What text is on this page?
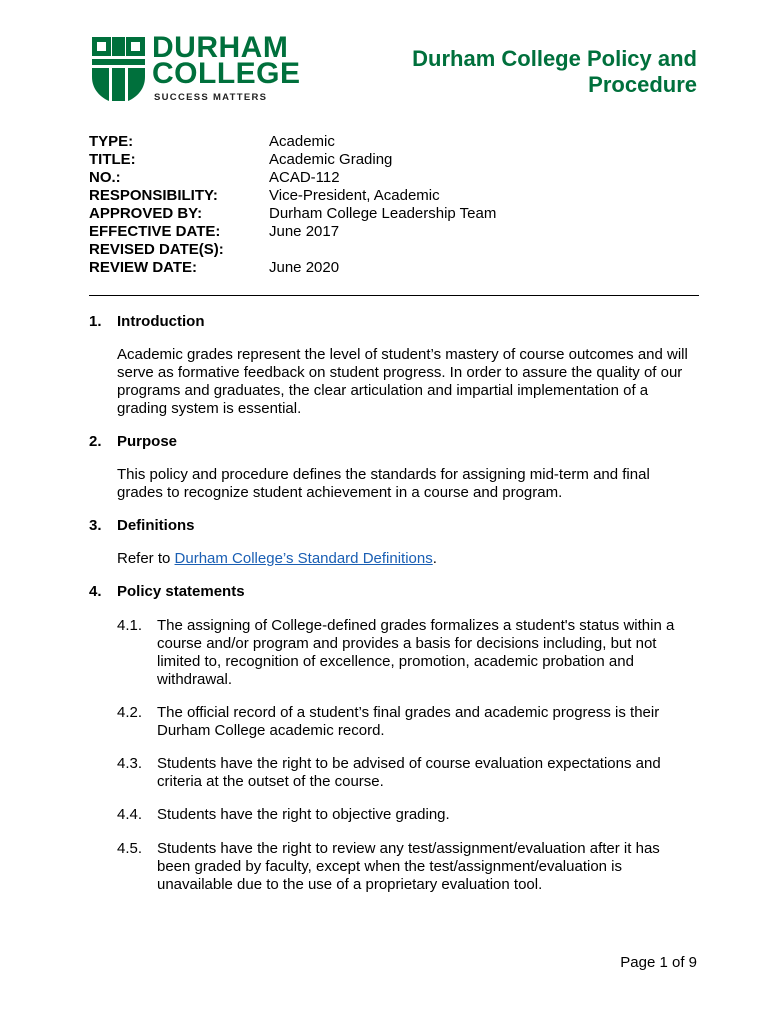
DURHAM
COLLEGE
SUCCESS MATTERS
Durham College Policy and
Procedure
TYPE:	Academic
TITLE:	Academic Grading
NO.:	ACAD-112
RESPONSIBILITY:	Vice-President, Academic
APPROVED BY:	Durham College Leadership Team
EFFECTIVE DATE:	June 2017
REVISED DATE(S):
REVIEW DATE:	June 2020
1. Introduction
Academic grades represent the level of student’s mastery of course outcomes and will
serve as formative feedback on student progress. In order to assure the quality of our
programs and graduates, the clear articulation and impartial implementation of a
grading system is essential.
2. Purpose
This policy and procedure defines the standards for assigning mid-term and final
grades to recognize student achievement in a course and program.
3. Definitions
Refer to Durham College’s Standard Definitions.
4. Policy statements
4.1. The assigning of College-defined grades formalizes a student's status within a
course and/or program and provides a basis for decisions including, but not
limited to, recognition of excellence, promotion, academic probation and
withdrawal.
4.2. The official record of a student’s final grades and academic progress is their
Durham College academic record.
4.3. Students have the right to be advised of course evaluation expectations and
criteria at the outset of the course.
4.4. Students have the right to objective grading.
4.5. Students have the right to review any test/assignment/evaluation after it has
been graded by faculty, except when the test/assignment/evaluation is
unavailable due to the use of a proprietary evaluation tool.
Page 1 of 9
